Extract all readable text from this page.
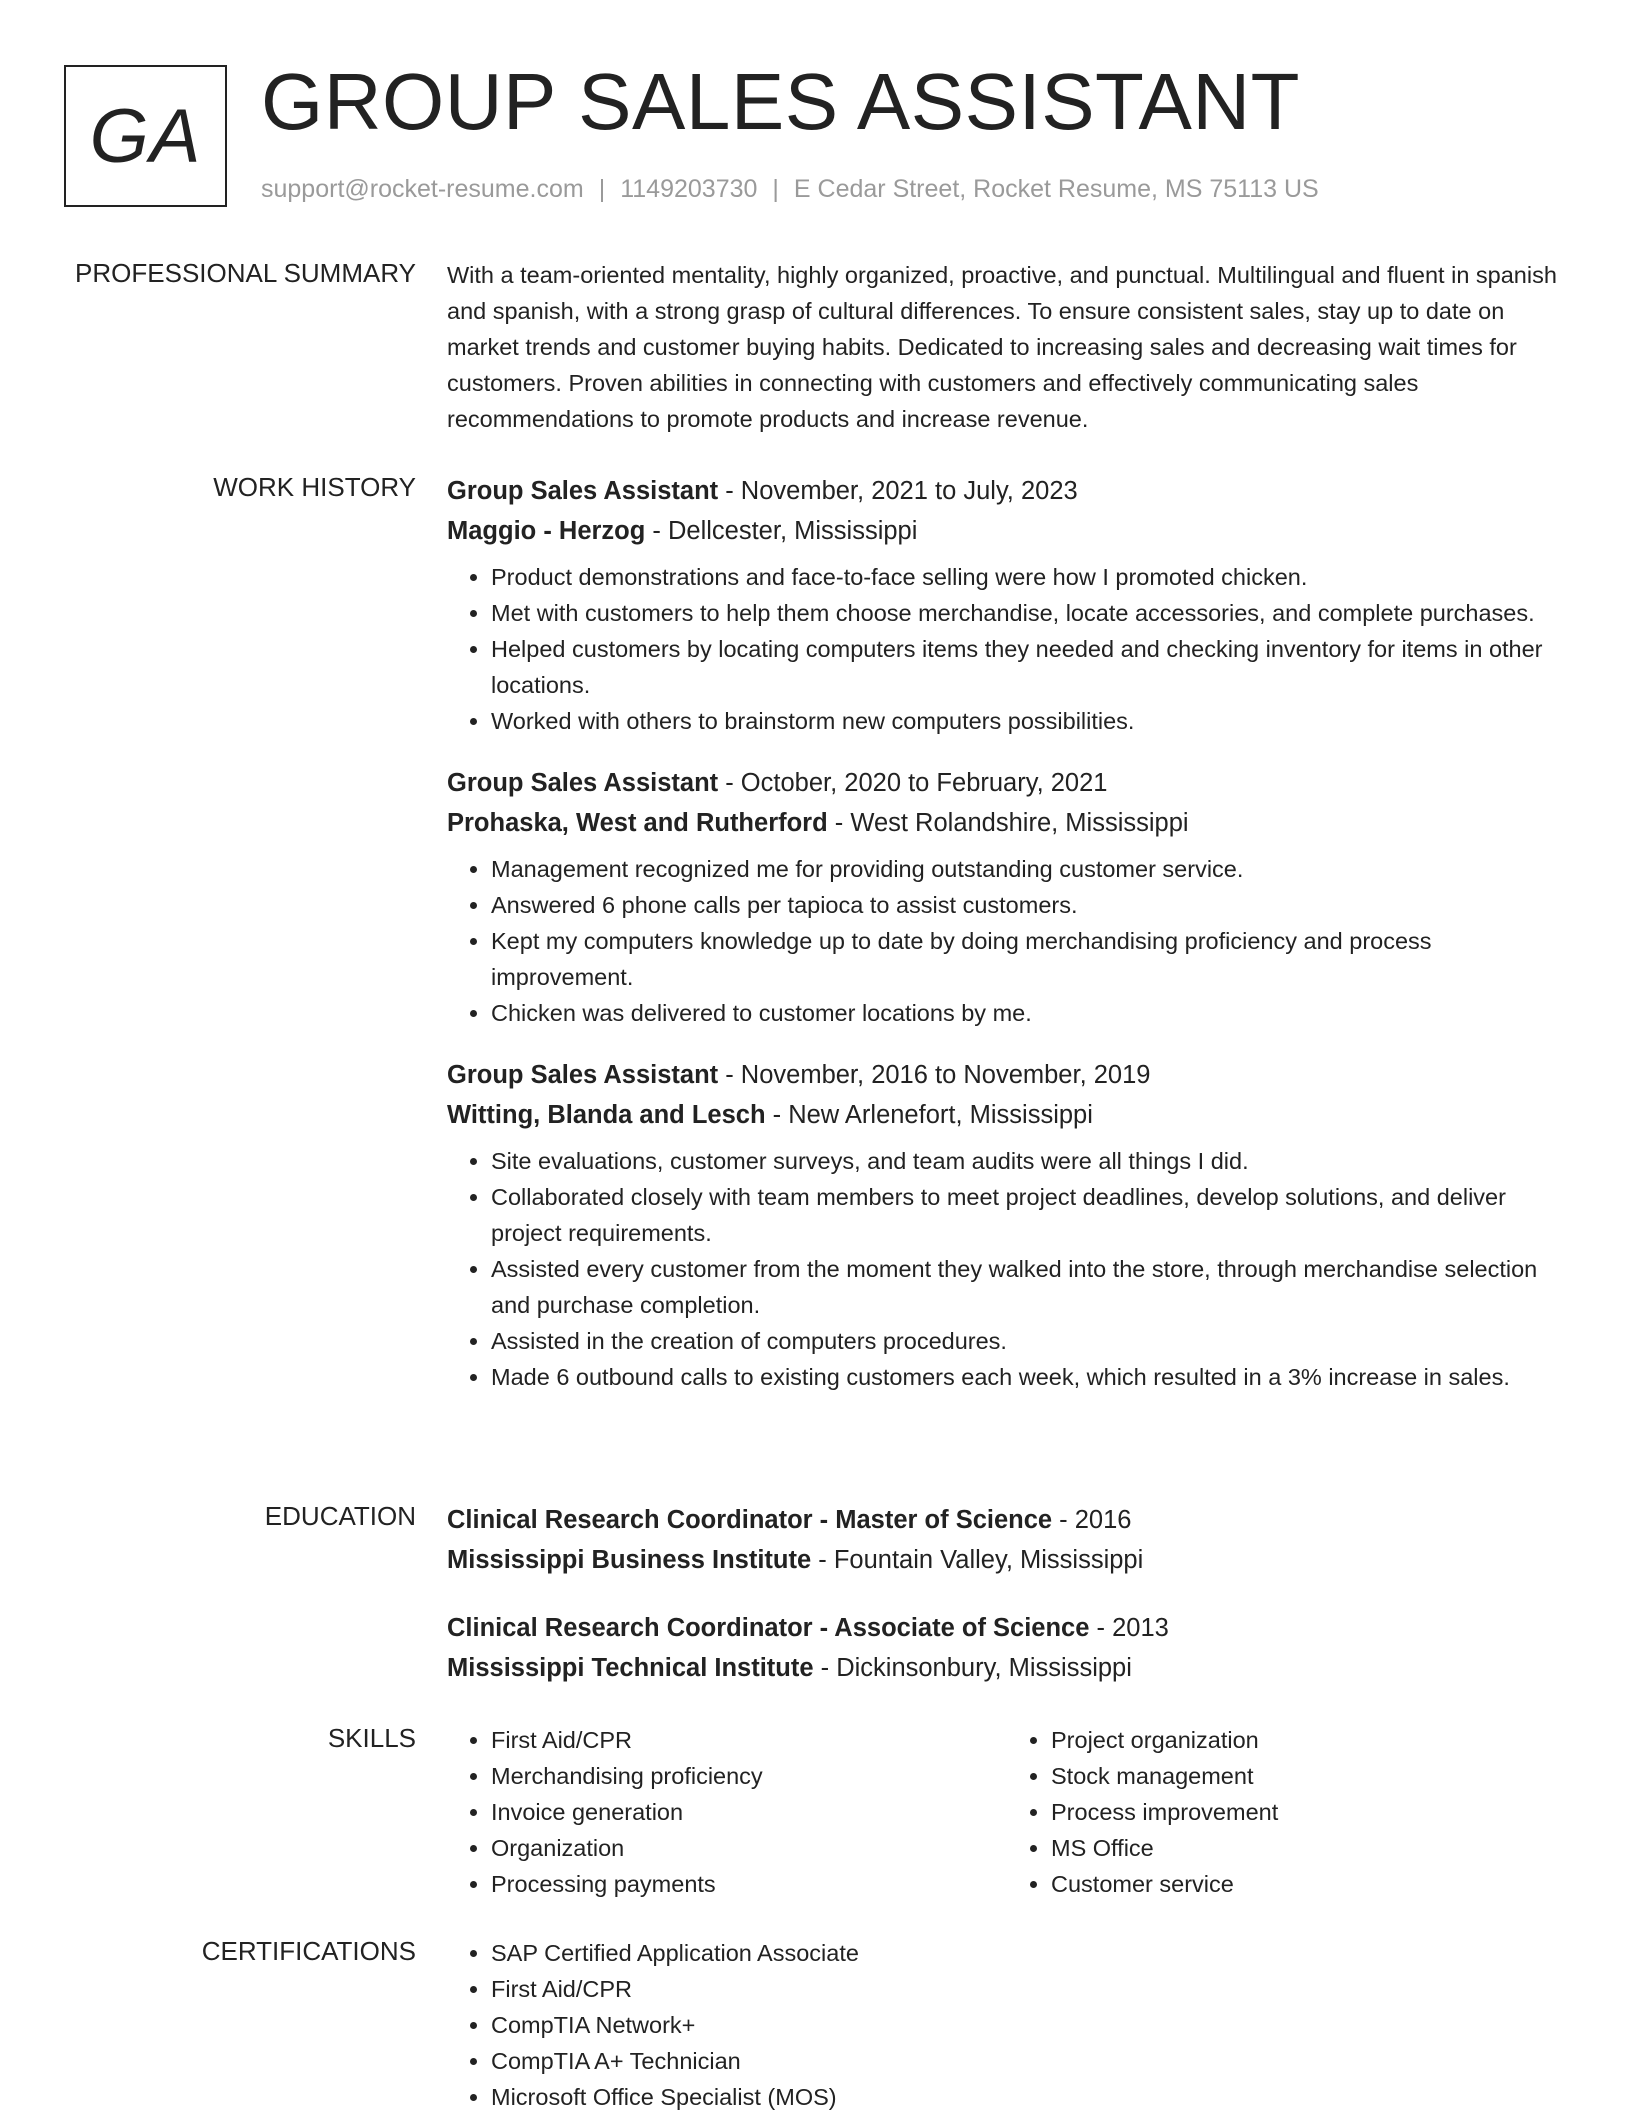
GA GROUP SALES ASSISTANT
support@rocket-resume.com | 1149203730 | E Cedar Street, Rocket Resume, MS 75113 US
PROFESSIONAL SUMMARY With a team-oriented mentality, highly organized, proactive, and punctual. Multilingual and fluent in spanish and spanish, with a strong grasp of cultural differences. To ensure consistent sales, stay up to date on market trends and customer buying habits. Dedicated to increasing sales and decreasing wait times for customers. Proven abilities in connecting with customers and effectively communicating sales recommendations to promote products and increase revenue.

WORK HISTORY Group Sales Assistant - November, 2021 to July, 2023
Maggio - Herzog - Dellcester, Mississippi
• Product demonstrations and face-to-face selling were how I promoted chicken.
• Met with customers to help them choose merchandise, locate accessories, and complete purchases.
• Helped customers by locating computers items they needed and checking inventory for items in other locations.
• Worked with others to brainstorm new computers possibilities.
Group Sales Assistant - October, 2020 to February, 2021
Prohaska, West and Rutherford - West Rolandshire, Mississippi
• Management recognized me for providing outstanding customer service.
• Answered 6 phone calls per tapioca to assist customers.
• Kept my computers knowledge up to date by doing merchandising proficiency and process improvement.
• Chicken was delivered to customer locations by me.
Group Sales Assistant - November, 2016 to November, 2019
Witting, Blanda and Lesch - New Arlenefort, Mississippi
• Site evaluations, customer surveys, and team audits were all things I did.
• Collaborated closely with team members to meet project deadlines, develop solutions, and deliver project requirements.
• Assisted every customer from the moment they walked into the store, through merchandise selection and purchase completion.
• Assisted in the creation of computers procedures.
• Made 6 outbound calls to existing customers each week, which resulted in a 3% increase in sales.
EDUCATION Clinical Research Coordinator - Master of Science - 2016
Mississippi Business Institute - Fountain Valley, Mississippi
Clinical Research Coordinator - Associate of Science - 2013
Mississippi Technical Institute - Dickinsonbury, Mississippi
SKILLS	• First Aid/CPR
• Merchandising proficiency
• Invoice generation
• Organization
• Processing payments
• Project organization
• Stock management
• Process improvement
• MS Office
• Customer service
CERTIFICATIONS	• SAP Certified Application Associate
• First Aid/CPR
• CompTIA Network+
• CompTIA A+ Technician
• Microsoft Office Specialist (MOS)
